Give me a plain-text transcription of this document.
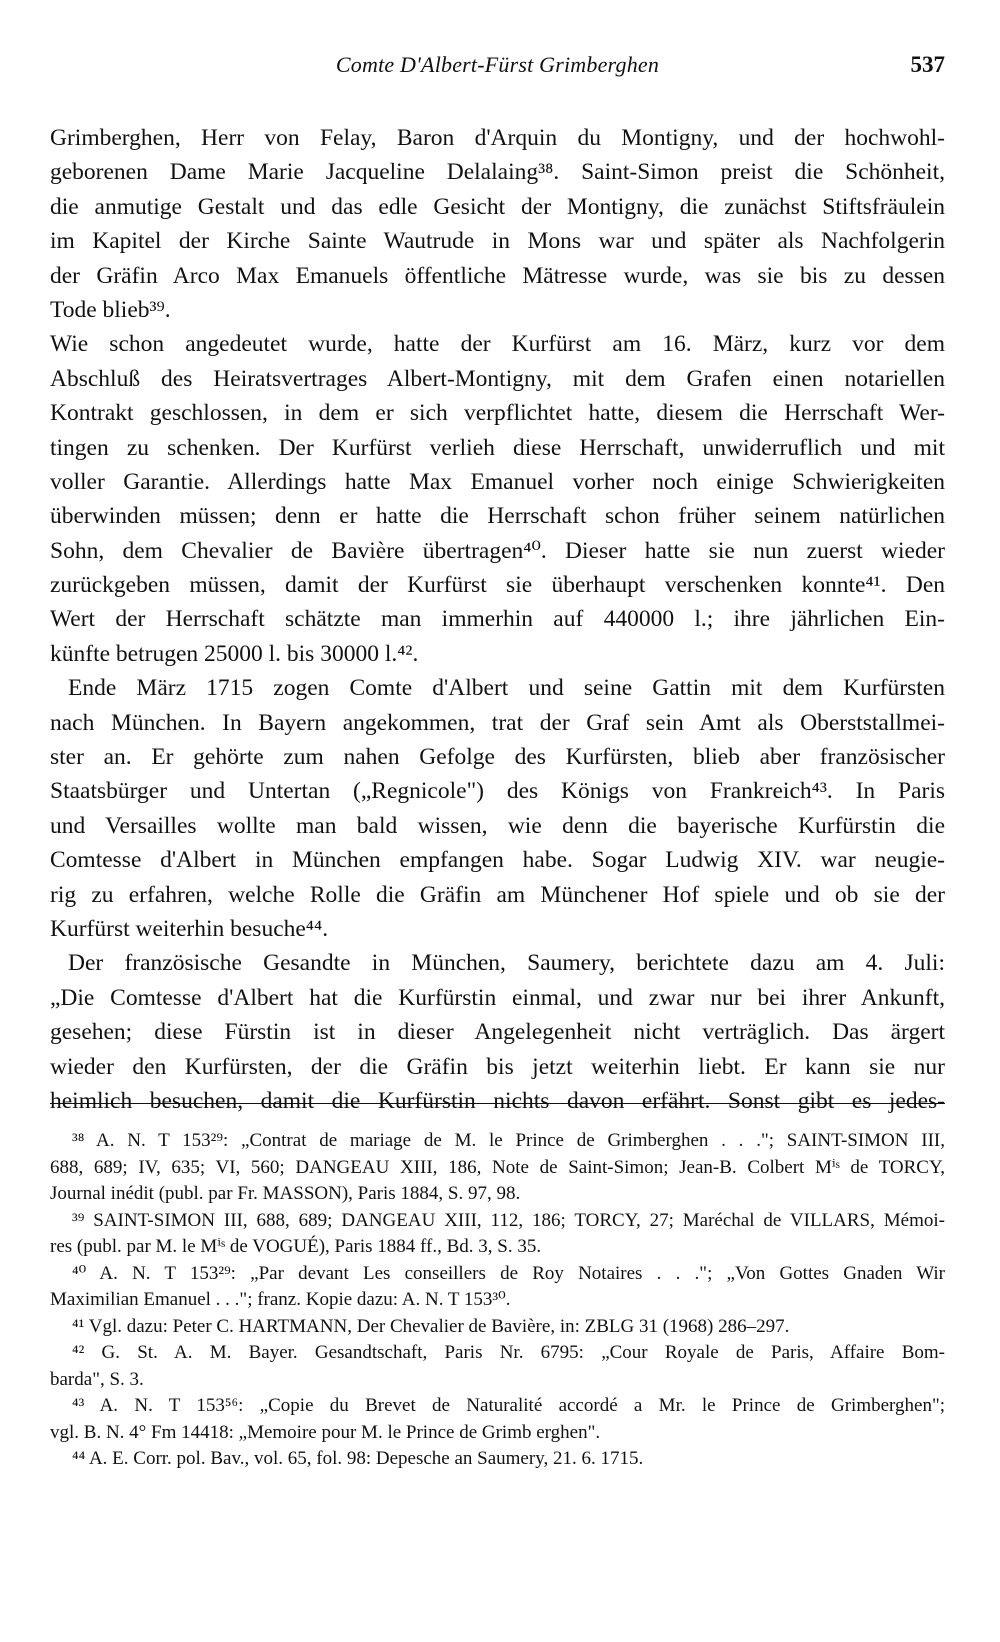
Comte D'Albert-Fürst Grimberghen	537
Grimberghen, Herr von Felay, Baron d'Arquin du Montigny, und der hochwohl-
geborenen Dame Marie Jacqueline Delalaing³⁸. Saint-Simon preist die Schönheit,
die anmutige Gestalt und das edle Gesicht der Montigny, die zunächst Stiftsfräulein
im Kapitel der Kirche Sainte Wautrude in Mons war und später als Nachfolgerin
der Gräfin Arco Max Emanuels öffentliche Mätresse wurde, was sie bis zu dessen
Tode blieb³⁹.
Wie schon angedeutet wurde, hatte der Kurfürst am 16. März, kurz vor dem
Abschluß des Heiratsvertrages Albert-Montigny, mit dem Grafen einen notariellen
Kontrakt geschlossen, in dem er sich verpflichtet hatte, diesem die Herrschaft Wer-
tingen zu schenken. Der Kurfürst verlieh diese Herrschaft, unwiderruflich und mit
voller Garantie. Allerdings hatte Max Emanuel vorher noch einige Schwierigkeiten
überwinden müssen; denn er hatte die Herrschaft schon früher seinem natürlichen
Sohn, dem Chevalier de Bavière übertragen⁴⁰. Dieser hatte sie nun zuerst wieder
zurückgeben müssen, damit der Kurfürst sie überhaupt verschenken konnte⁴¹. Den
Wert der Herrschaft schätzte man immerhin auf 440000 l.; ihre jährlichen Ein-
künfte betrugen 25000 l. bis 30000 l.⁴².
Ende März 1715 zogen Comte d'Albert und seine Gattin mit dem Kurfürsten
nach München. In Bayern angekommen, trat der Graf sein Amt als Oberststallmei-
ster an. Er gehörte zum nahen Gefolge des Kurfürsten, blieb aber französischer
Staatsbürger und Untertan („Regnicole") des Königs von Frankreich⁴³. In Paris
und Versailles wollte man bald wissen, wie denn die bayerische Kurfürstin die
Comtesse d'Albert in München empfangen habe. Sogar Ludwig XIV. war neugie-
rig zu erfahren, welche Rolle die Gräfin am Münchener Hof spiele und ob sie der
Kurfürst weiterhin besuche⁴⁴.
Der französische Gesandte in München, Saumery, berichtete dazu am 4. Juli:
„Die Comtesse d'Albert hat die Kurfürstin einmal, und zwar nur bei ihrer Ankunft,
gesehen; diese Fürstin ist in dieser Angelegenheit nicht verträglich. Das ärgert
wieder den Kurfürsten, der die Gräfin bis jetzt weiterhin liebt. Er kann sie nur
heimlich besuchen, damit die Kurfürstin nichts davon erfährt. Sonst gibt es jedes-
³⁸ A. N. T 153²⁹: „Contrat de mariage de M. le Prince de Grimberghen . . ."; SAINT-SIMON III,
688, 689; IV, 635; VI, 560; DANGEAU XIII, 186, Note de Saint-Simon; Jean-B. Colbert Mⁱˢ de TORCY,
Journal inédit (publ. par Fr. MASSON), Paris 1884, S. 97, 98.
³⁹ SAINT-SIMON III, 688, 689; DANGEAU XIII, 112, 186; TORCY, 27; Maréchal de VILLARS, Mémoi-
res (publ. par M. le Mⁱˢ de VOGUÉ), Paris 1884 ff., Bd. 3, S. 35.
⁴⁰ A. N. T 153²⁹: „Par devant Les conseillers de Roy Notaires . . ."; „Von Gottes Gnaden Wir
Maximilian Emanuel . . ."; franz. Kopie dazu: A. N. T 153³⁰.
⁴¹ Vgl. dazu: Peter C. HARTMANN, Der Chevalier de Bavière, in: ZBLG 31 (1968) 286–297.
⁴² G. St. A. M. Bayer. Gesandtschaft, Paris Nr. 6795: „Cour Royale de Paris, Affaire Bom-
barda", S. 3.
⁴³ A. N. T 153⁵⁶: „Copie du Brevet de Naturalité accordé a Mr. le Prince de Grimberghen";
vgl. B. N. 4° Fm 14418: „Memoire pour M. le Prince de Grimb erghen".
⁴⁴ A. E. Corr. pol. Bav., vol. 65, fol. 98: Depesche an Saumery, 21. 6. 1715.
